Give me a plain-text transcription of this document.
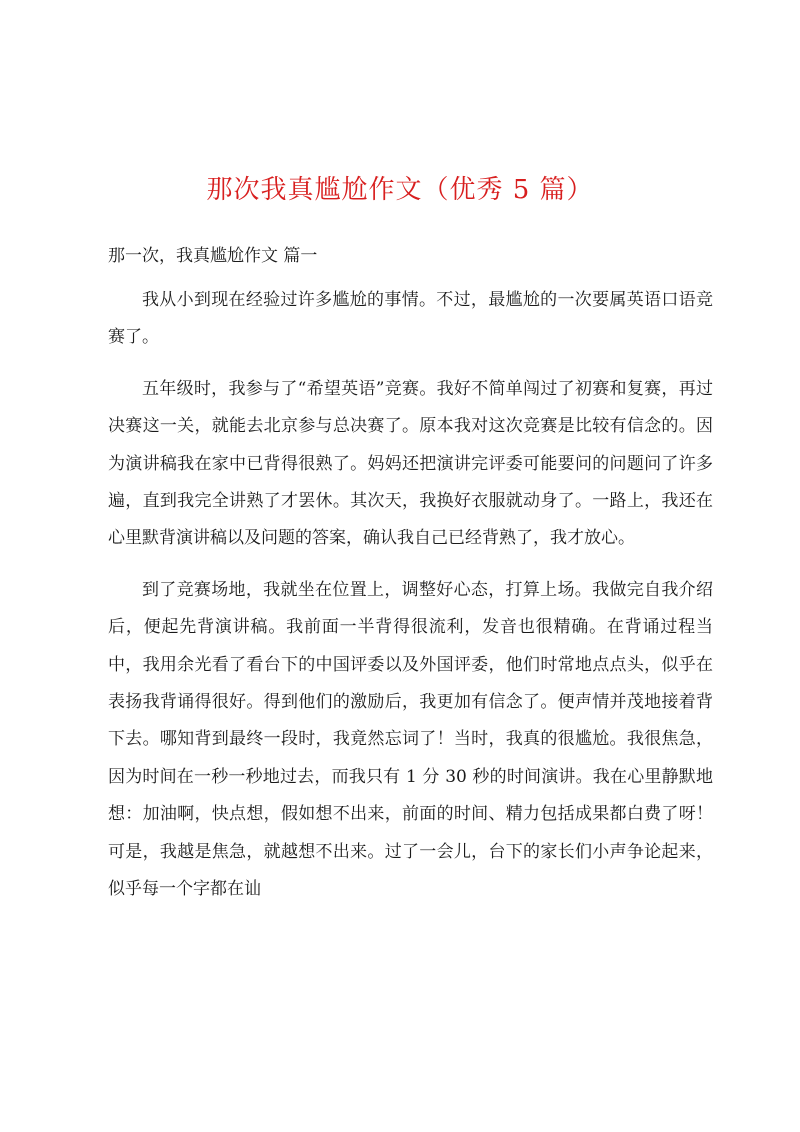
那次我真尴尬作文（优秀 5 篇）
那一次，我真尴尬作文 篇一

我从小到现在经验过许多尴尬的事情。不过，最尴尬的一次要属英语口语竞赛了。

五年级时，我参与了“希望英语”竞赛。我好不简单闯过了初赛和复赛，再过决赛这一关，就能去北京参与总决赛了。原本我对这次竞赛是比较有信念的。因为演讲稿我在家中已背得很熟了。妈妈还把演讲完评委可能要问的问题问了许多遍，直到我完全讲熟了才罢休。其次天，我换好衣服就动身了。一路上，我还在心里默背演讲稿以及问题的答案，确认我自己已经背熟了，我才放心。

到了竞赛场地，我就坐在位置上，调整好心态，打算上场。我做完自我介绍后，便起先背演讲稿。我前面一半背得很流利，发音也很精确。在背诵过程当中，我用余光看了看台下的中国评委以及外国评委，他们时常地点点头，似乎在表扬我背诵得很好。得到他们的激励后，我更加有信念了。便声情并茂地接着背下去。哪知背到最终一段时，我竟然忘词了！当时，我真的很尴尬。我很焦急，因为时间在一秒一秒地过去，而我只有 1 分 30 秒的时间演讲。我在心里静默地想：加油啊，快点想，假如想不出来，前面的时间、精力包括成果都白费了呀！可是，我越是焦急，就越想不出来。过了一会儿，台下的家长们小声争论起来，似乎每一个字都在讪
